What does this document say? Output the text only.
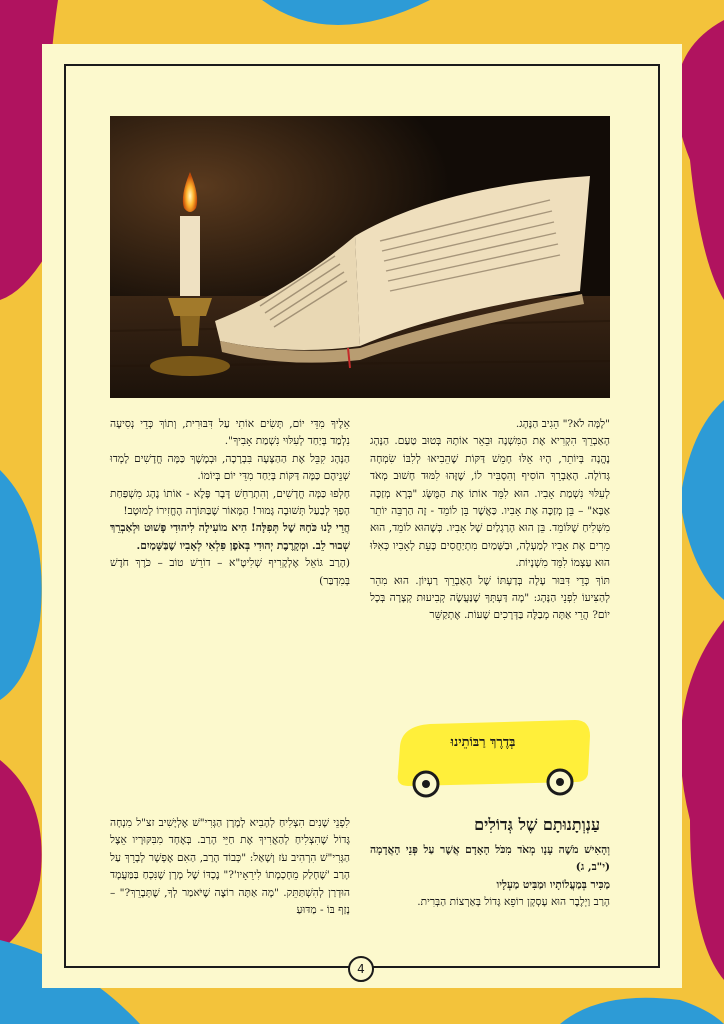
"לָמָּה לֹא?" הֵגִיב הַנָּהָג.

הָאַבְרֵךְ הִקְרִיא אֶת הַמִּשְׁנָה וּבֵאֵר אוֹתָהּ בְּטוּב טַעַם. הַנָּהָג נֶהֱנָה בְּיוֹתֵר, הָיוּ אֵלּוּ חָמֵשׁ דַּקּוֹת שֶׁהֵבִיאוּ לְלִבּוֹ שִׂמְחָה גְּדוֹלָה. הָאַבְרֵךְ הוֹסִיף וְהִסְבִּיר לוֹ, שֶׁזֶּהוּ לִמּוּד חָשׁוּב מְאֹד לְעִלּוּי נִשְׁמַת אָבִיו. הוּא לִמֵּד אוֹתוֹ אֶת הַמֻּשָּׂג "בְּרָא מְזַכֶּה אַבָּא" – בֵּן מְזַכֶּה אֶת אָבִיו. כַּאֲשֶׁר בֵּן לוֹמֵד - זֶה הַרְבֵּה יוֹתֵר מִשְּׁלִיחַ שֶׁלּוֹמֵד. בֵּן הוּא הָרַגְלַיִם שֶׁל אָבִיו. כְּשֶׁהוּא לוֹמֵד, הוּא מֵרִים אֶת אָבִיו לְמַעְלָה, וּבַשָּׁמַיִם מִתְיַחֲסִים כָּעֵת לְאָבִיו כְּאִלּוּ הוּא עַצְמוֹ לִמֵּד מִשְׁנָיוֹת.

תּוֹךְ כְּדֵי דִּבּוּר עָלָה בְּדַעְתּוֹ שֶׁל הָאַבְרֵךְ רַעְיוֹן. הוּא מִהֵר לְהַצִּיעוֹ לִפְנֵי הַנָּהָג: "מָה דַּעְתְּךָ שֶׁנַּעֲשֶׂה קְבִיעוּת קְצָרָה בְּכָל יוֹם? הֲרֵי אַתָּה מְבַלֶּה בַּדְּרָכִים שָׁעוֹת. אֶתְקַשֵּׁר

אֵלֶיךָ מִדֵּי יוֹם, תָּשִׂים אוֹתִי עַל דִּבּוּרִית, וְתוֹךְ כְּדֵי נְסִיעָה נִלְמַד בְּיַחַד לְעִלּוּי נִשְׁמַת אָבִיךָ".

הַנָּהָג קִבֵּל אֶת הַהַצָּעָה בִּבְרָכָה, וּבְמֶשֶׁךְ כַּמָּה חֳדָשִׁים לָמְדוּ שְׁנֵיהֶם כַּמָּה דַּקּוֹת בְּיַחַד מִדֵּי יוֹם בְּיוֹמוֹ.

חָלְפוּ כַּמָּה חֳדָשִׁים, וְהִתְרַחֵשׁ דָּבָר פֶּלֶא - אוֹתוֹ נֶהָג מִשְׁפַּחַת הָפַךְ לְבַעַל תְּשׁוּבָה גָּמוּר! הַמָּאוֹר שֶׁבַּתּוֹרָה הֶחֱזִירוֹ לְמוּטָב!

הֲרֵי לָנוּ כֹּחָהּ שֶׁל תְּפִלָּה! הִיא מוֹעִילָה לִיהוּדִי פָּשׁוּט וּלְאַבְרֵךְ שְׁבוּר לֵב. וּמְקָרֶבֶת יְהוּדִי בְּאֹפֶן פִּלְאִי לְאָבִיו שֶׁבַּשָּׁמַיִם.

(הָרַב גּוֹאֵל אֶלְקָרִיף שְׁלִיטָ"א – דוֹרֵשׁ טוֹב – כֹּרֶךְ חֹדֶשׁ בְּמִדְבַּר)

בְּדֶרֶךְ רַבּוֹתֵינוּ
עַנְוְתָנוּתָם שֶׁל גְּדוֹלִים

וְהָאִישׁ מֹשֶׁה עָנָו מְאֹד מִכֹּל הָאָדָם אֲשֶׁר עַל פְּנֵי הָאֲדָמָה (י"ב, ג)

מַכִּיר בְּמַעֲלוֹתָיו וּמַבִּיט מַעְלָיו

הָרַב וַיְלֶבֶר הוּא עָסְקָן רוֹפֵא גָּדוֹל בְּאַרְצוֹת הַבְּרִית.

לִפְנֵי שָׁנִים הִצְלִיחַ לְהָבִיא לְמָרָן הַגְּרִי"שׁ אֶלְיָשִׁיב זצ"ל מִנְחָה גָּדוֹל שֶׁהִצְלִיחַ לְהַאֲרִיךְ אֶת חַיֵּי הָרַב. בְּאֶחָד מִבִּקּוּרָיו אֵצֶל הַגְּרִי"שׁ הִרְהִיב עֹז וְשָׁאַל: "כְּבוֹד הָרַב, הַאִם אֶפְשָׁר לְבָרֵךְ עַל הָרַב 'שֶׁחָלַק מֵחָכְמָתוֹ לִירֵאָיו'?" נֶכְדּוֹ שֶׁל מָרָן שֶׁנִּכְחַ בַּמַּעֲמָד הוּדְרַן לְהִשְׁתַּתֵּק. "מָה אַתָּה רוֹצֶה שֶׁיֹּאמַר לְךָ, שֶׁתְּבָרֵךְ?" – נָזַף בּוֹ - מַדּוּעַ

4
